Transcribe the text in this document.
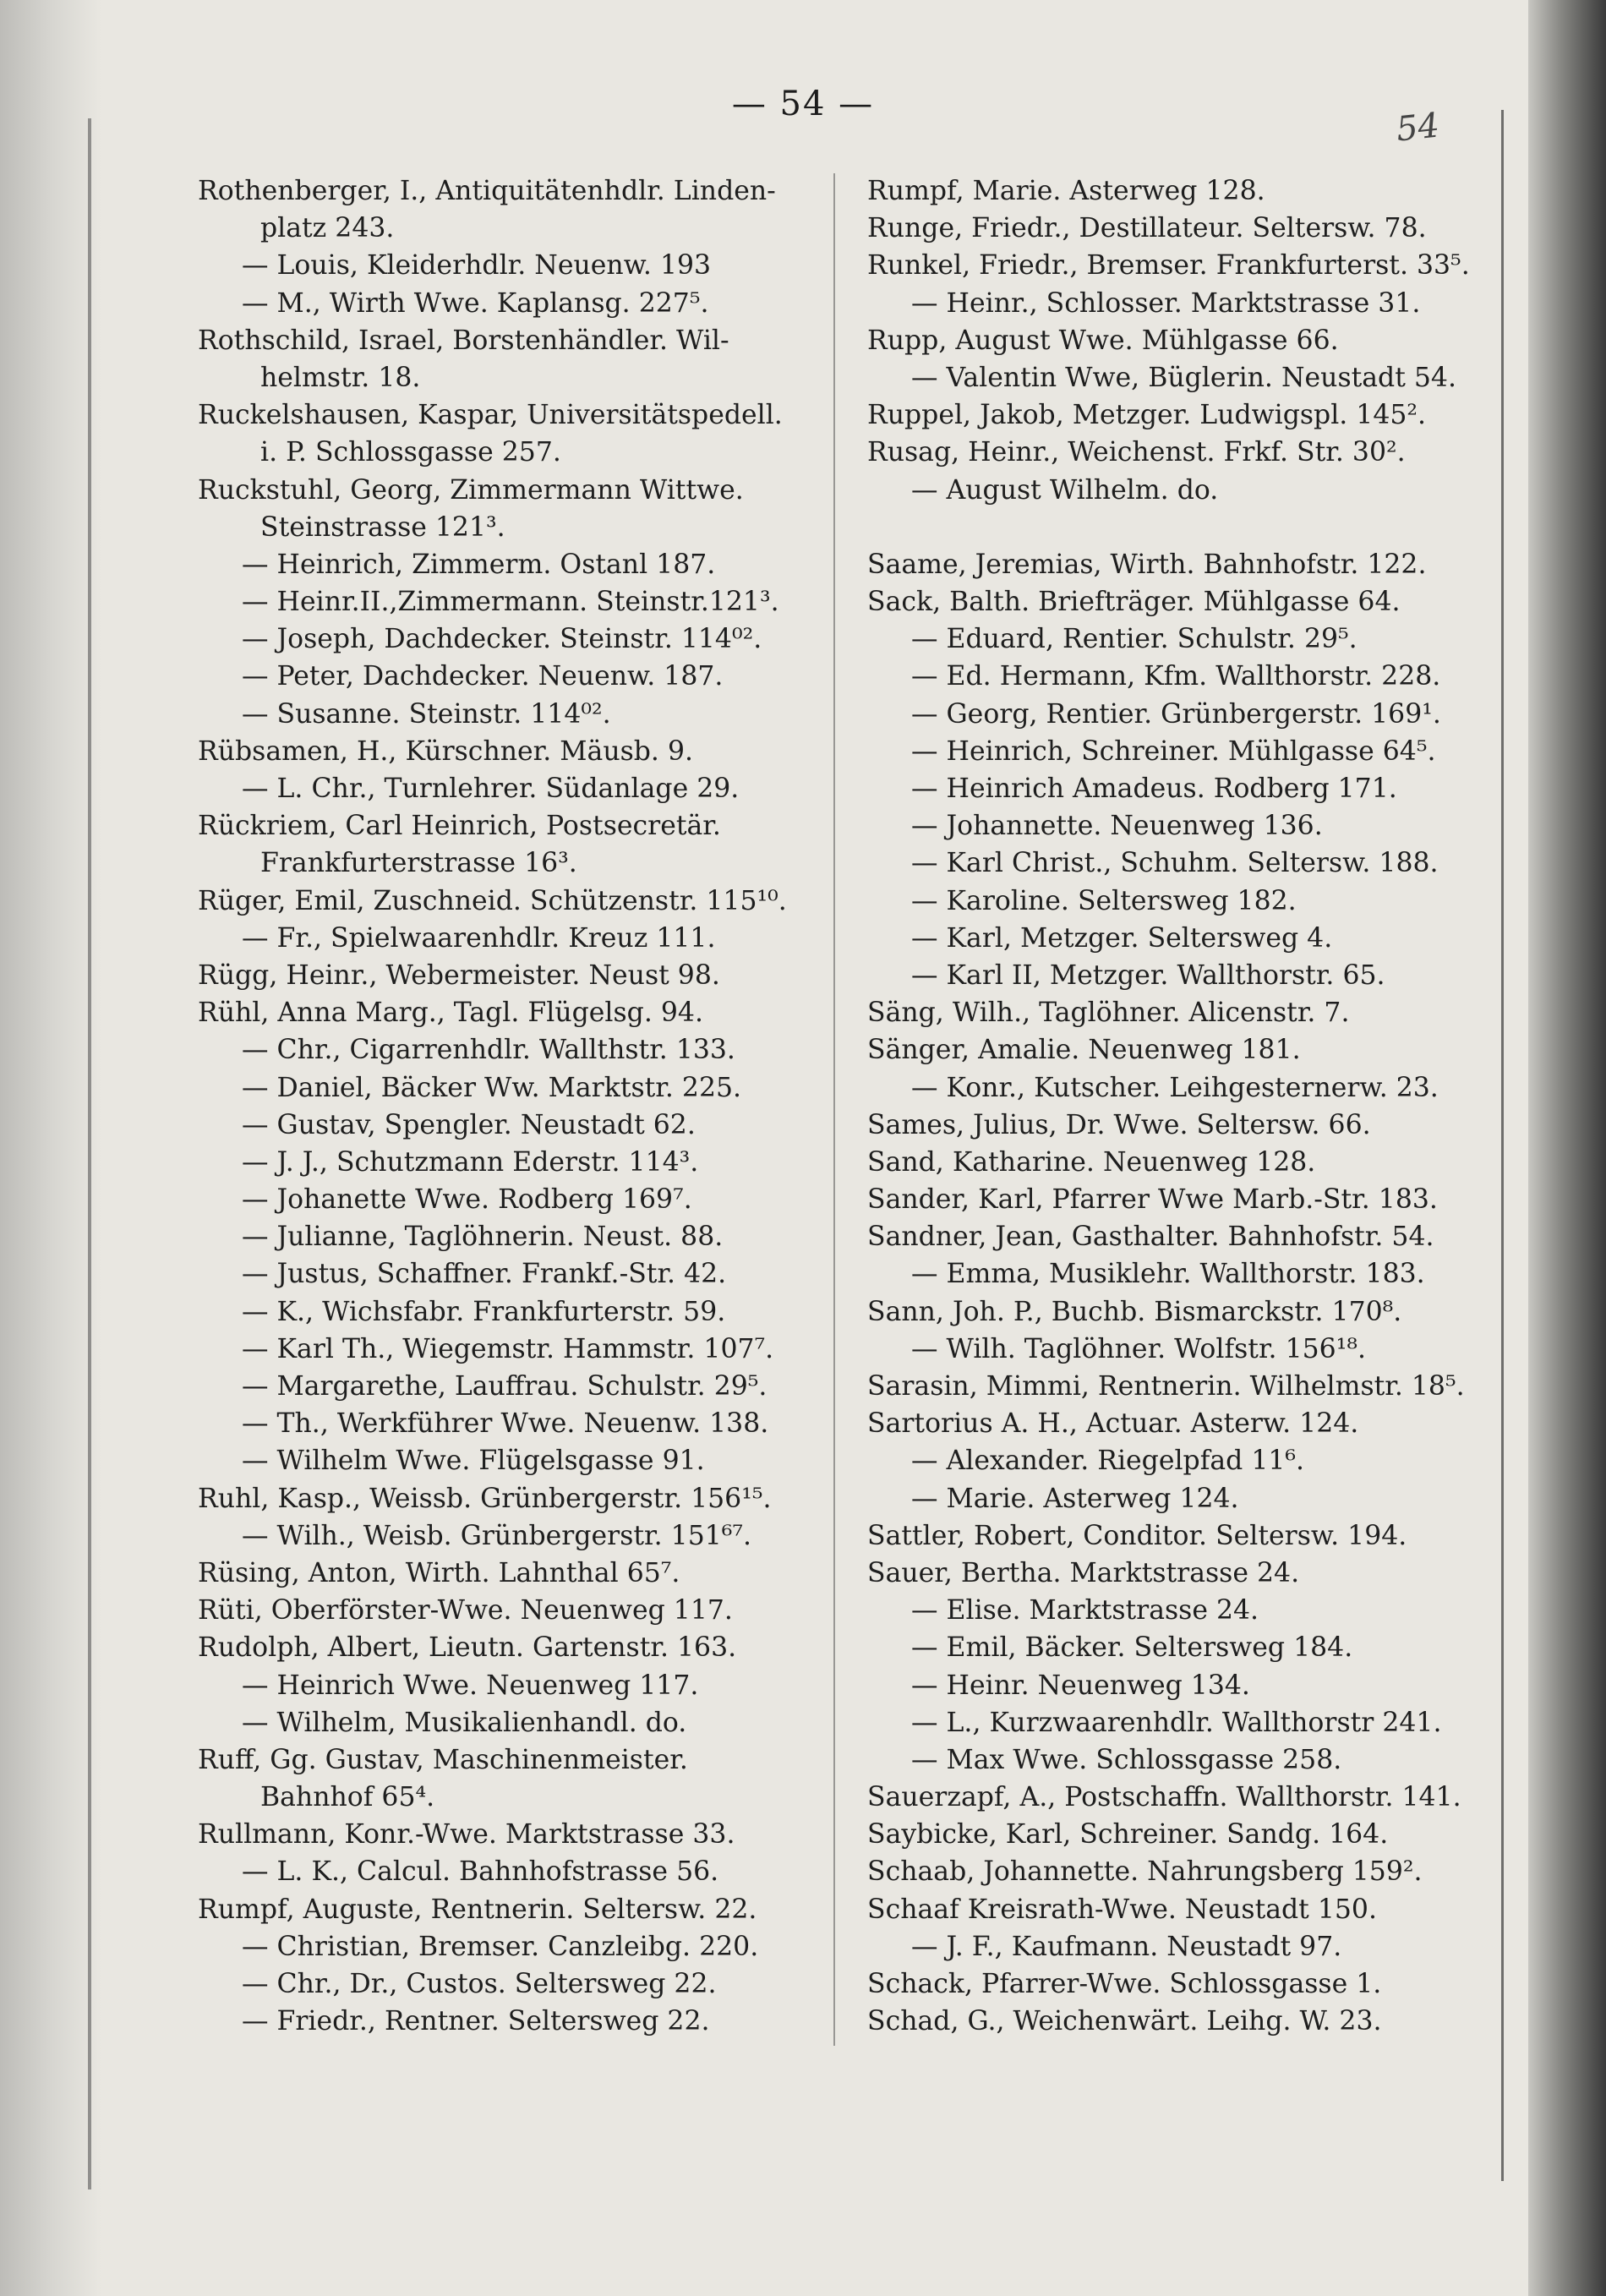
— 54 —
54
Rothenberger, I., Antiquitätenhdlr. Linden-
platz 243.
— Louis, Kleiderhdlr. Neuenw. 193
— M., Wirth Wwe. Kaplansg. 227⁵.
Rothschild, Israel, Borstenhändler. Wil-
helmstr. 18.
Ruckelshausen, Kaspar, Universitätspedell.
i. P. Schlossgasse 257.
Ruckstuhl, Georg, Zimmermann Wittwe.
Steinstrasse 121³.
— Heinrich, Zimmerm. Ostanl 187.
— Heinr.II.,Zimmermann. Steinstr.121³.
— Joseph, Dachdecker. Steinstr. 114⁰².
— Peter, Dachdecker. Neuenw. 187.
— Susanne. Steinstr. 114⁰².
Rübsamen, H., Kürschner. Mäusb. 9.
— L. Chr., Turnlehrer. Südanlage 29.
Rückriem, Carl Heinrich, Postsecretär.
Frankfurterstrasse 16³.
Rüger, Emil, Zuschneid. Schützenstr. 115¹⁰.
— Fr., Spielwaarenhdlr. Kreuz 111.
Rügg, Heinr., Webermeister. Neust 98.
Rühl, Anna Marg., Tagl. Flügelsg. 94.
— Chr., Cigarrenhdlr. Wallthstr. 133.
— Daniel, Bäcker Ww. Marktstr. 225.
— Gustav, Spengler. Neustadt 62.
— J. J., Schutzmann Ederstr. 114³.
— Johanette Wwe. Rodberg 169⁷.
— Julianne, Taglöhnerin. Neust. 88.
— Justus, Schaffner. Frankf.-Str. 42.
— K., Wichsfabr. Frankfurterstr. 59.
— Karl Th., Wiegemstr. Hammstr. 107⁷.
— Margarethe, Lauffrau. Schulstr. 29⁵.
— Th., Werkführer Wwe. Neuenw. 138.
— Wilhelm Wwe. Flügelsgasse 91.
Ruhl, Kasp., Weissb. Grünbergerstr. 156¹⁵.
— Wilh., Weisb. Grünbergerstr. 151⁶⁷.
Rüsing, Anton, Wirth. Lahnthal 65⁷.
Rüti, Oberförster-Wwe. Neuenweg 117.
Rudolph, Albert, Lieutn. Gartenstr. 163.
— Heinrich Wwe. Neuenweg 117.
— Wilhelm, Musikalienhandl. do.
Ruff, Gg. Gustav, Maschinenmeister.
Bahnhof 65⁴.
Rullmann, Konr.-Wwe. Marktstrasse 33.
— L. K., Calcul. Bahnhofstrasse 56.
Rumpf, Auguste, Rentnerin. Seltersw. 22.
— Christian, Bremser. Canzleibg. 220.
— Chr., Dr., Custos. Seltersweg 22.
— Friedr., Rentner. Seltersweg 22.
Rumpf, Marie. Asterweg 128.
Runge, Friedr., Destillateur. Seltersw. 78.
Runkel, Friedr., Bremser. Frankfurterst. 33⁵.
— Heinr., Schlosser. Marktstrasse 31.
Rupp, August Wwe. Mühlgasse 66.
— Valentin Wwe, Büglerin. Neustadt 54.
Ruppel, Jakob, Metzger. Ludwigspl. 145².
Rusag, Heinr., Weichenst. Frkf. Str. 30².
— August Wilhelm. do.
Saame, Jeremias, Wirth. Bahnhofstr. 122.
Sack, Balth. Briefträger. Mühlgasse 64.
— Eduard, Rentier. Schulstr. 29⁵.
— Ed. Hermann, Kfm. Wallthorstr. 228.
— Georg, Rentier. Grünbergerstr. 169¹.
— Heinrich, Schreiner. Mühlgasse 64⁵.
— Heinrich Amadeus. Rodberg 171.
— Johannette. Neuenweg 136.
— Karl Christ., Schuhm. Seltersw. 188.
— Karoline. Seltersweg 182.
— Karl, Metzger. Seltersweg 4.
— Karl II, Metzger. Wallthorstr. 65.
Säng, Wilh., Taglöhner. Alicenstr. 7.
Sänger, Amalie. Neuenweg 181.
— Konr., Kutscher. Leihgesternerw. 23.
Sames, Julius, Dr. Wwe. Seltersw. 66.
Sand, Katharine. Neuenweg 128.
Sander, Karl, Pfarrer Wwe Marb.-Str. 183.
Sandner, Jean, Gasthalter. Bahnhofstr. 54.
— Emma, Musiklehr. Wallthorstr. 183.
Sann, Joh. P., Buchb. Bismarckstr. 170⁸.
— Wilh. Taglöhner. Wolfstr. 156¹⁸.
Sarasin, Mimmi, Rentnerin. Wilhelmstr. 18⁵.
Sartorius A. H., Actuar. Asterw. 124.
— Alexander. Riegelpfad 11⁶.
— Marie. Asterweg 124.
Sattler, Robert, Conditor. Seltersw. 194.
Sauer, Bertha. Marktstrasse 24.
— Elise. Marktstrasse 24.
— Emil, Bäcker. Seltersweg 184.
— Heinr. Neuenweg 134.
— L., Kurzwaarenhdlr. Wallthorstr 241.
— Max Wwe. Schlossgasse 258.
Sauerzapf, A., Postschaffn. Wallthorstr. 141.
Saybicke, Karl, Schreiner. Sandg. 164.
Schaab, Johannette. Nahrungsberg 159².
Schaaf Kreisrath-Wwe. Neustadt 150.
— J. F., Kaufmann. Neustadt 97.
Schack, Pfarrer-Wwe. Schlossgasse 1.
Schad, G., Weichenwärt. Leihg. W. 23.
